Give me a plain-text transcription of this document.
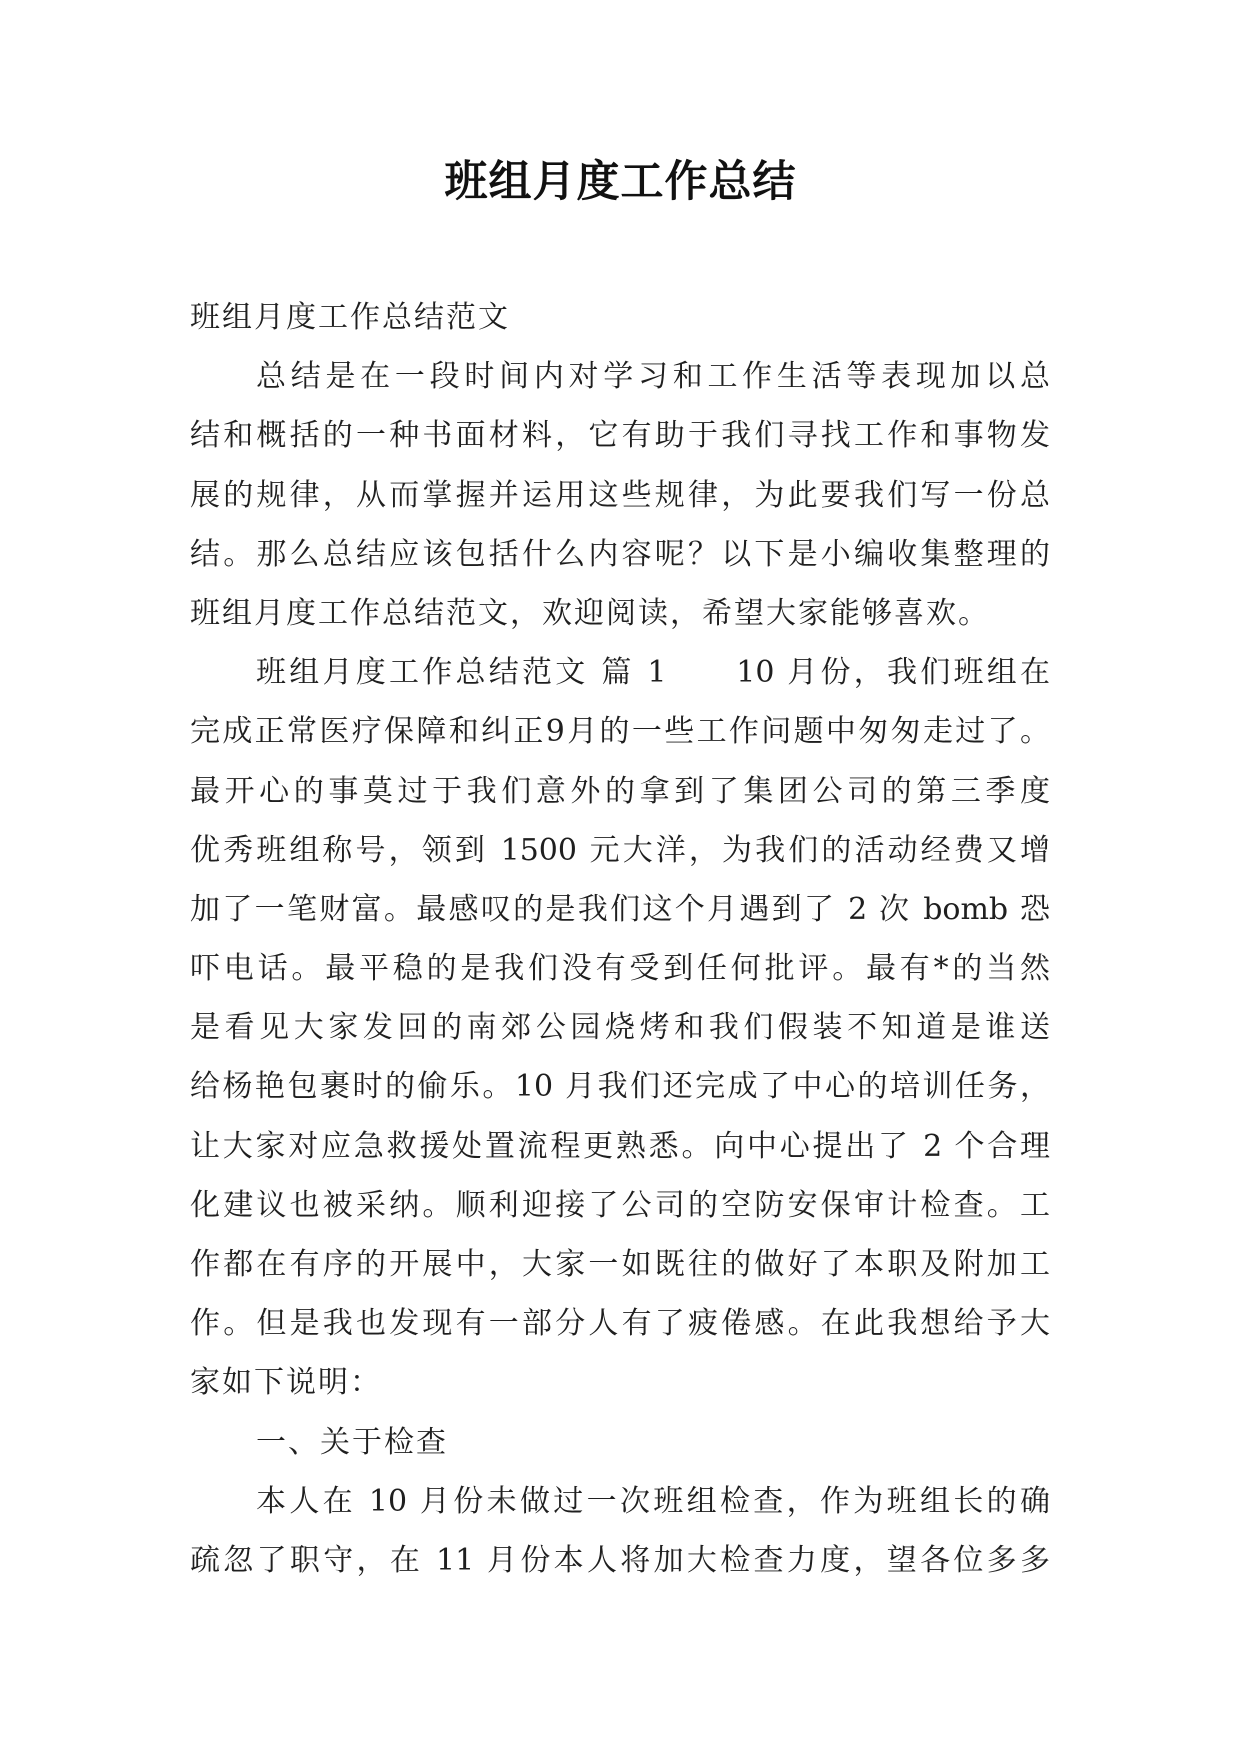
班组月度工作总结
班组月度工作总结范文
总结是在一段时间内对学习和工作生活等表现加以总
结和概括的一种书面材料，它有助于我们寻找工作和事物发
展的规律，从而掌握并运用这些规律，为此要我们写一份总
结。那么总结应该包括什么内容呢？以下是小编收集整理的
班组月度工作总结范文，欢迎阅读，希望大家能够喜欢。
班组月度工作总结范文 篇 1　　10 月份，我们班组在
完成正常医疗保障和纠正9月的一些工作问题中匆匆走过了。
最开心的事莫过于我们意外的拿到了集团公司的第三季度
优秀班组称号，领到 1500 元大洋，为我们的活动经费又增
加了一笔财富。最感叹的是我们这个月遇到了 2 次 bomb 恐
吓电话。最平稳的是我们没有受到任何批评。最有*的当然
是看见大家发回的南郊公园烧烤和我们假装不知道是谁送
给杨艳包裹时的偷乐。10 月我们还完成了中心的培训任务，
让大家对应急救援处置流程更熟悉。向中心提出了 2 个合理
化建议也被采纳。顺利迎接了公司的空防安保审计检查。工
作都在有序的开展中，大家一如既往的做好了本职及附加工
作。但是我也发现有一部分人有了疲倦感。在此我想给予大
家如下说明：
一、关于检查
本人在 10 月份未做过一次班组检查，作为班组长的确
疏忽了职守，在 11 月份本人将加大检查力度，望各位多多
